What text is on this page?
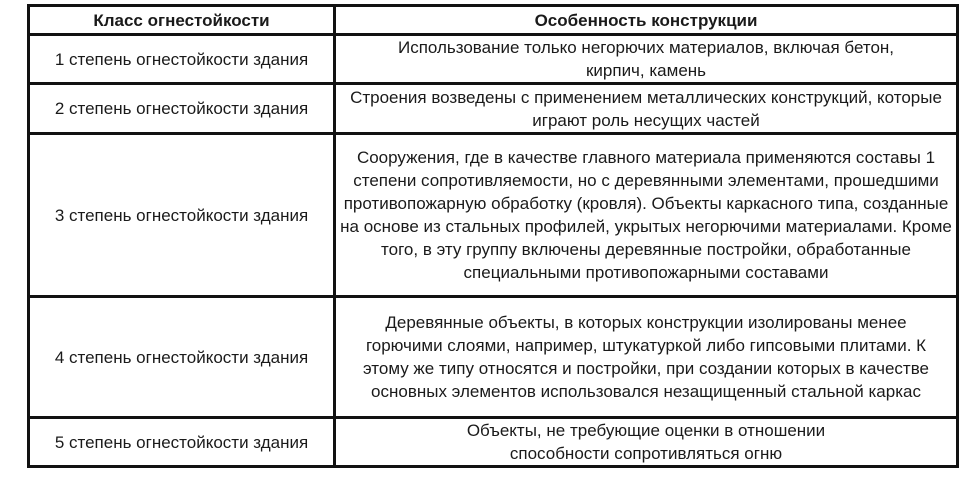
Класс огнестойкости	Особенность конструкции
1 степень огнестойкости здания	Использование только негорючих материалов, включая бетон, кирпич, камень
2 степень огнестойкости здания	Строения возведены с применением металлических конструкций, которые играют роль несущих частей
3 степень огнестойкости здания	Сооружения, где в качестве главного материала применяются составы 1 степени сопротивляемости, но с деревянными элементами, прошедшими противопожарную обработку (кровля). Объекты каркасного типа, созданные на основе из стальных профилей, укрытых негорючими материалами. Кроме того, в эту группу включены деревянные постройки, обработанные специальными противопожарными составами
4 степень огнестойкости здания	Деревянные объекты, в которых конструкции изолированы менее горючими слоями, например, штукатуркой либо гипсовыми плитами. К этому же типу относятся и постройки, при создании которых в качестве основных элементов использовался незащищенный стальной каркас
5 степень огнестойкости здания	Объекты, не требующие оценки в отношении способности сопротивляться огню
